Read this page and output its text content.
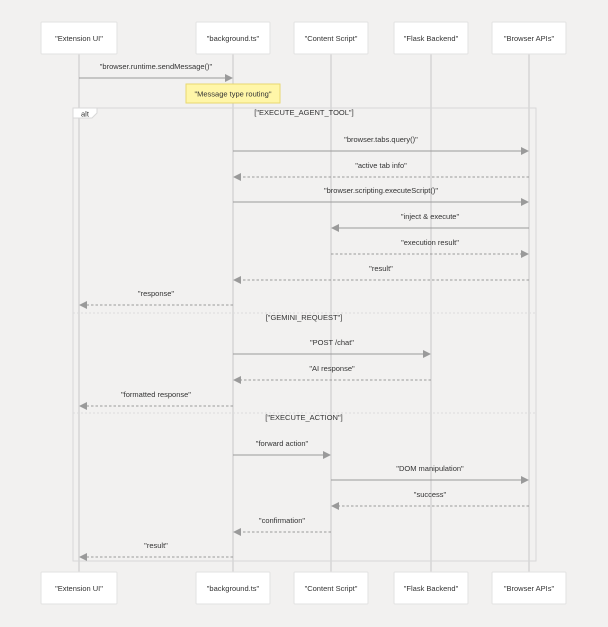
alt	["EXECUTE_AGENT_TOOL"]
["GEMINI_REQUEST"]
["EXECUTE_ACTION"]
"Message type routing"
"browser.runtime.sendMessage()"
"browser.tabs.query()"
"active tab info"
"browser.scripting.executeScript()"
"inject & execute"
"execution result"
"result"
"response"
"POST /chat"
"AI response"
"formatted response"
"forward action"
"DOM manipulation"
"success"
"confirmation"
"result"
"Extension UI"	"background.ts"	"Content Script"	"Flask Backend"	"Browser APIs"
"Extension UI"	"background.ts"	"Content Script"	"Flask Backend"	"Browser APIs"
